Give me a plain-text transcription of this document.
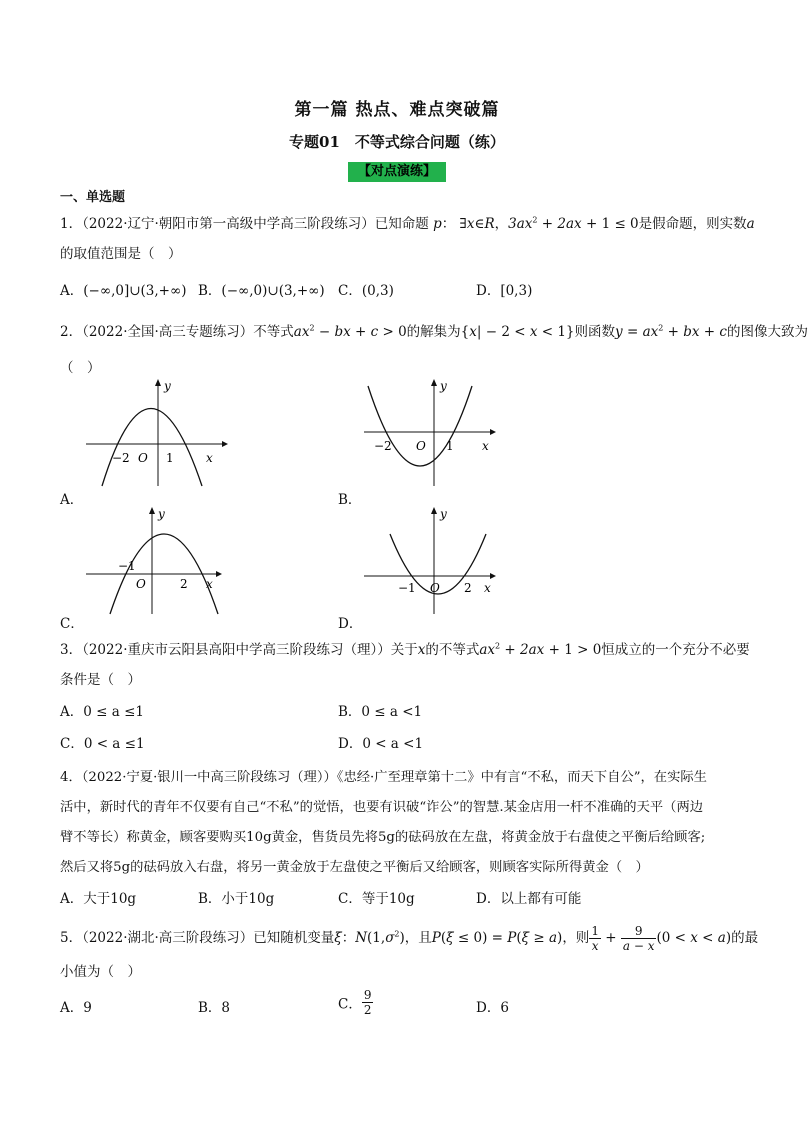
第一篇 热点、难点突破篇
专题01　不等式综合问题（练）
【对点演练】
一、单选题
1．（2022·辽宁·朝阳市第一高级中学高三阶段练习）已知命题 p： ∃x∈R，$3ax^2 + 2ax + 1 \le 0$是假命题，则实数a
的取值范围是（　）
A．(−∞,0]∪(3,+∞) B．(−∞,0)∪(3,+∞) C．(0,3)	D．[0,3)
2．（2022·全国·高三专题练习）不等式$ax^2$ − bx + c > 0的解集为{x| − 2 < x < 1}则函数$y = ax^2$ + bx + c的图像大致为
（　）
y
x
O
−2	1
A．
y
x
O
−2	1
B．
y
x
O
−1
2
C．
y
x
O
−1	2
D．
3．（2022·重庆市云阳县高阳中学高三阶段练习（理））关于x的不等式$ax^2 + 2ax + 1 > 0$恒成立的一个充分不必要
条件是（　）
A．0 ≤ a ≤1	B．0 ≤ a <1
C．0 < a ≤1	D．0 < a <1
4．（2022·宁夏·银川一中高三阶段练习（理））《忠经·广至理章第十二》中有言“不私，而天下自公”，在实际生
活中，新时代的青年不仅要有自己“不私”的觉悟，也要有识破“诈公”的智慧.某金店用一杆不准确的天平（两边
臂不等长）称黄金，顾客要购买10g黄金，售货员先将5g的砝码放在左盘，将黄金放于右盘使之平衡后给顾客;
然后又将5g的砝码放入右盘，将另一黄金放于左盘使之平衡后又给顾客，则顾客实际所得黄金（　）
A．大于10g	B．小于10g	C．等于10g	D．以上都有可能
5．（2022·湖北·高三阶段练习）已知随机变量ξ：$N(1,\sigma^2)$，且P(ξ ≤ 0) = P(ξ ≥ a)，则 $\frac{1}{x} + \frac{9}{a - x} (0 < x < a)$的最
小值为（　）
A．9	B．8	C． $\frac{9}{2}$	D．6
